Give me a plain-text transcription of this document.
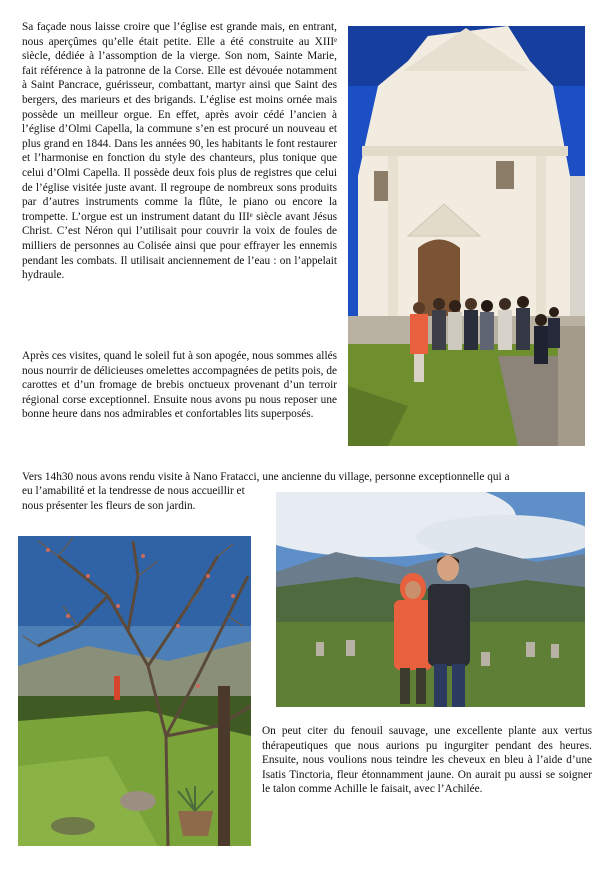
Sa façade nous laisse croire que l’église est grande mais, en entrant, nous aperçûmes qu’elle était petite. Elle a été construite au XIIIᵉ siècle, dédiée à l’assomption de la vierge. Son nom, Sainte Marie, fait référence à la patronne de la Corse. Elle est dévouée notamment à Saint Pancrace, guérisseur, combattant, martyr ainsi que Saint des bergers, des marieurs et des brigands. L’église est moins ornée mais possède un meilleur orgue. En effet, après avoir cédé l’ancien à l’église d’Olmi Capella, la commune s’en est procuré un nouveau et plus grand en 1844. Dans les années 90, les habitants le font restaurer et l’harmonise en fonction du style des chanteurs, plus tonique que celui d’Olmi Capella. Il possède deux fois plus de registres que celui de l’église visitée juste avant. Il regroupe de nombreux sons produits par d’autres instruments comme la flûte, le piano ou encore la trompette. L’orgue est un instrument datant du IIIᵉ siècle avant Jésus Christ. C’est Néron qui l’utilisait pour couvrir la voix de foules de milliers de personnes au Colisée ainsi que pour effrayer les ennemis pendant les combats. Il utilisait anciennement de l’eau : on l’appelait hydraule.

Après ces visites, quand le soleil fut à son apogée, nous sommes allés nous nourrir de délicieuses omelettes accompagnées de petits pois, de carottes et d’un fromage de brebis onctueux provenant d’un terroir régional corse exceptionnel. Ensuite nous avons pu nous reposer une bonne heure dans nos admirables et confortables lits superposés.

Vers 14h30 nous avons rendu visite à Nano Fratacci, une ancienne du village, personne exceptionnelle qui a

eu l’amabilité et la tendresse de nous accueillir et nous présenter les fleurs de son jardin.

On peut citer du fenouil sauvage, une excellente plante aux vertus thérapeutiques que nous aurions pu ingurgiter pendant des heures. Ensuite, nous voulions nous teindre les cheveux en bleu à l’aide d’une Isatis Tinctoria, fleur étonnamment jaune. On aurait pu aussi se soigner le talon comme Achille le faisait, avec l’Achilée.
